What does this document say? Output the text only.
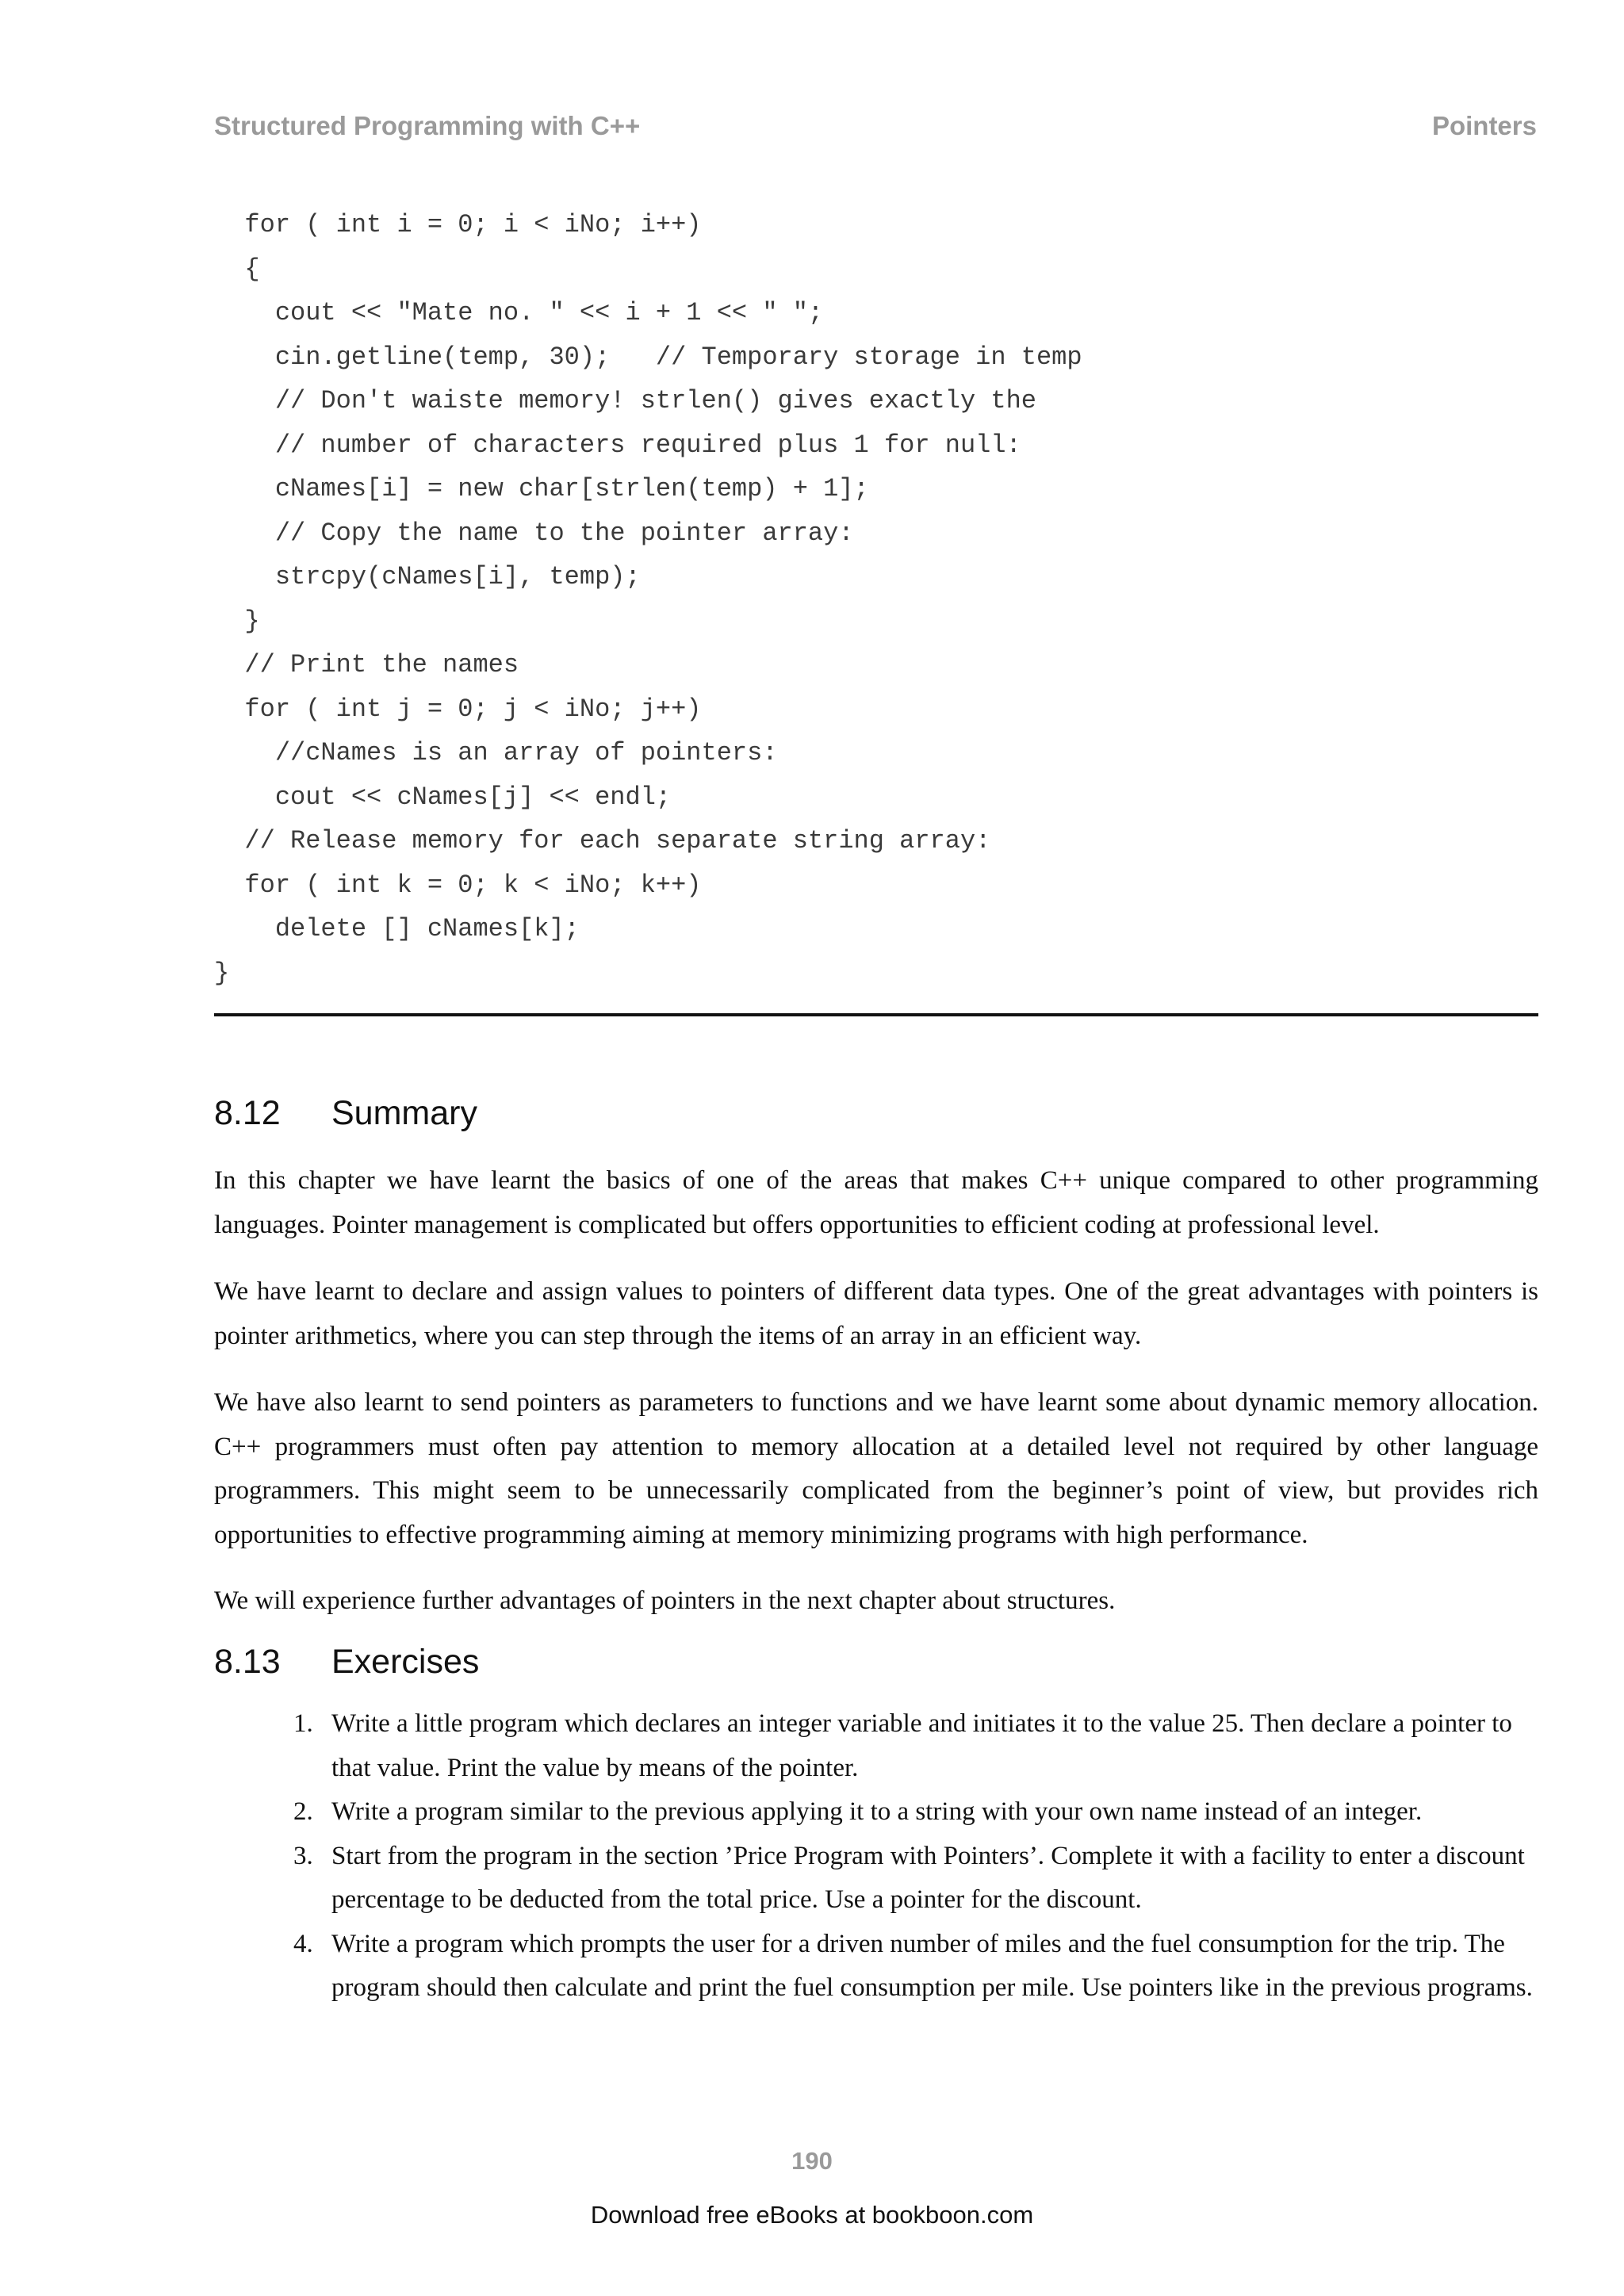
Structured Programming with C++	Pointers
for ( int i = 0; i < iNo; i++)
{
cout << "Mate no. " << i + 1 << " ";
cin.getline(temp, 30);   // Temporary storage in temp
// Don't waiste memory! strlen() gives exactly the
// number of characters required plus 1 for null:
cNames[i] = new char[strlen(temp) + 1];
// Copy the name to the pointer array:
strcpy(cNames[i], temp);
}
// Print the names
for ( int j = 0; j < iNo; j++)
//cNames is an array of pointers:
cout << cNames[j] << endl;
// Release memory for each separate string array:
for ( int k = 0; k < iNo; k++)
delete [] cNames[k];
}
8.12 Summary

In this chapter we have learnt the basics of one of the areas that makes C++ unique compared to other programming languages. Pointer management is complicated but offers opportunities to efficient coding at professional level.

We have learnt to declare and assign values to pointers of different data types. One of the great advantages with pointers is pointer arithmetics, where you can step through the items of an array in an efficient way.

We have also learnt to send pointers as parameters to functions and we have learnt some about dynamic memory allocation. C++ programmers must often pay attention to memory allocation at a detailed level not required by other language programmers. This might seem to be unnecessarily complicated from the beginner’s point of view, but provides rich opportunities to effective programming aiming at memory minimizing programs with high performance.

We will experience further advantages of pointers in the next chapter about structures.

8.13 Exercises
1. Write a little program which declares an integer variable and initiates it to the value 25. Then declare a pointer to that value. Print the value by means of the pointer.
2. Write a program similar to the previous applying it to a string with your own name instead of an integer.
3. Start from the program in the section ’Price Program with Pointers’. Complete it with a facility to enter a discount percentage to be deducted from the total price. Use a pointer for the discount.
4. Write a program which prompts the user for a driven number of miles and the fuel consumption for the trip. The program should then calculate and print the fuel consumption per mile. Use pointers like in the previous programs.
190
Download free eBooks at bookboon.com
